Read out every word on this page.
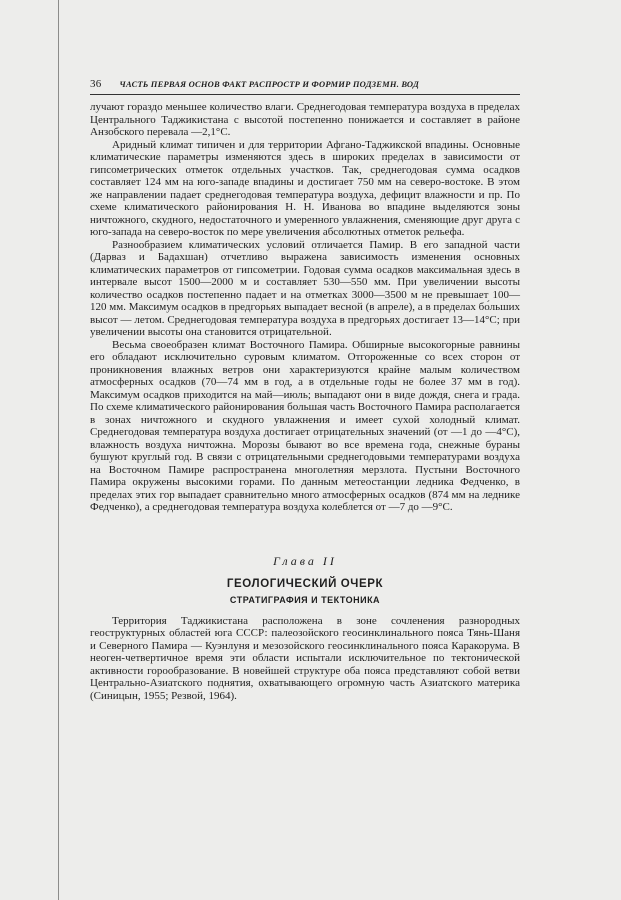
36 ЧАСТЬ ПЕРВАЯ ОСНОВ ФАКТ РАСПРОСТР И ФОРМИР ПОДЗЕМН. ВОД

лучают гораздо меньшее количество влаги. Среднегодовая температура воздуха в пределах Центрального Таджикистана с высотой постепенно понижается и составляет в районе Анзобского перевала —2,1°С.

Аридный климат типичен и для территории Афгано-Таджикской впадины. Основные климатические параметры изменяются здесь в широких пределах в зависимости от гипсометрических отметок отдельных участков. Так, среднегодовая сумма осадков составляет 124 мм на юго-западе впадины и достигает 750 мм на северо-востоке. В этом же направлении падает среднегодовая температура воздуха, дефицит влажности и пр. По схеме климатического районирования Н. Н. Иванова во впадине выделяются зоны ничтожного, скудного, недостаточного и умеренного увлажнения, сменяющие друг друга с юго-запада на северо-восток по мере увеличения абсолютных отметок рельефа.

Разнообразием климатических условий отличается Памир. В его западной части (Дарваз и Бадахшан) отчетливо выражена зависимость изменения основных климатических параметров от гипсометрии. Годовая сумма осадков максимальная здесь в интервале высот 1500—2000 м и составляет 530—550 мм. При увеличении высоты количество осадков постепенно падает и на отметках 3000—3500 м не превышает 100—120 мм. Максимум осадков в предгорьях выпадает весной (в апреле), а в пределах бо́льших высот — летом. Среднегодовая температура воздуха в предгорьях достигает 13—14°С; при увеличении высоты она становится отрицательной.

Весьма своеобразен климат Восточного Памира. Обширные высокогорные равнины его обладают исключительно суровым климатом. Отгороженные со всех сторон от проникновения влажных ветров они характеризуются крайне малым количеством атмосферных осадков (70—74 мм в год, а в отдельные годы не более 37 мм в год). Максимум осадков приходится на май—июль; выпадают они в виде дождя, снега и града. По схеме климатического районирования большая часть Восточного Памира располагается в зонах ничтожного и скудного увлажнения и имеет сухой холодный климат. Среднегодовая температура воздуха достигает отрицательных значений (от —1 до —4°С), влажность воздуха ничтожна. Морозы бывают во все времена года, снежные бураны бушуют круглый год. В связи с отрицательными среднегодовыми температурами воздуха на Восточном Памире распространена многолетняя мерзлота. Пустыни Восточного Памира окружены высокими горами. По данным метеостанции ледника Федченко, в пределах этих гор выпадает сравнительно много атмосферных осадков (874 мм на леднике Федченко), а среднегодовая температура воздуха колеблется от —7 до —9°С.

Глава II
ГЕОЛОГИЧЕСКИЙ ОЧЕРК
СТРАТИГРАФИЯ И ТЕКТОНИКА

Территория Таджикистана расположена в зоне сочленения разнородных геоструктурных областей юга СССР: палеозойского геосинклинального пояса Тянь-Шаня и Северного Памира — Куэнлуня и мезозойского геосинклинального пояса Каракорума. В неоген-четвертичное время эти области испытали исключительное по тектонической активности горообразование. В новейшей структуре оба пояса представляют собой ветви Центрально-Азиатского поднятия, охватывающего огромную часть Азиатского материка (Синицын, 1955; Резвой, 1964).
